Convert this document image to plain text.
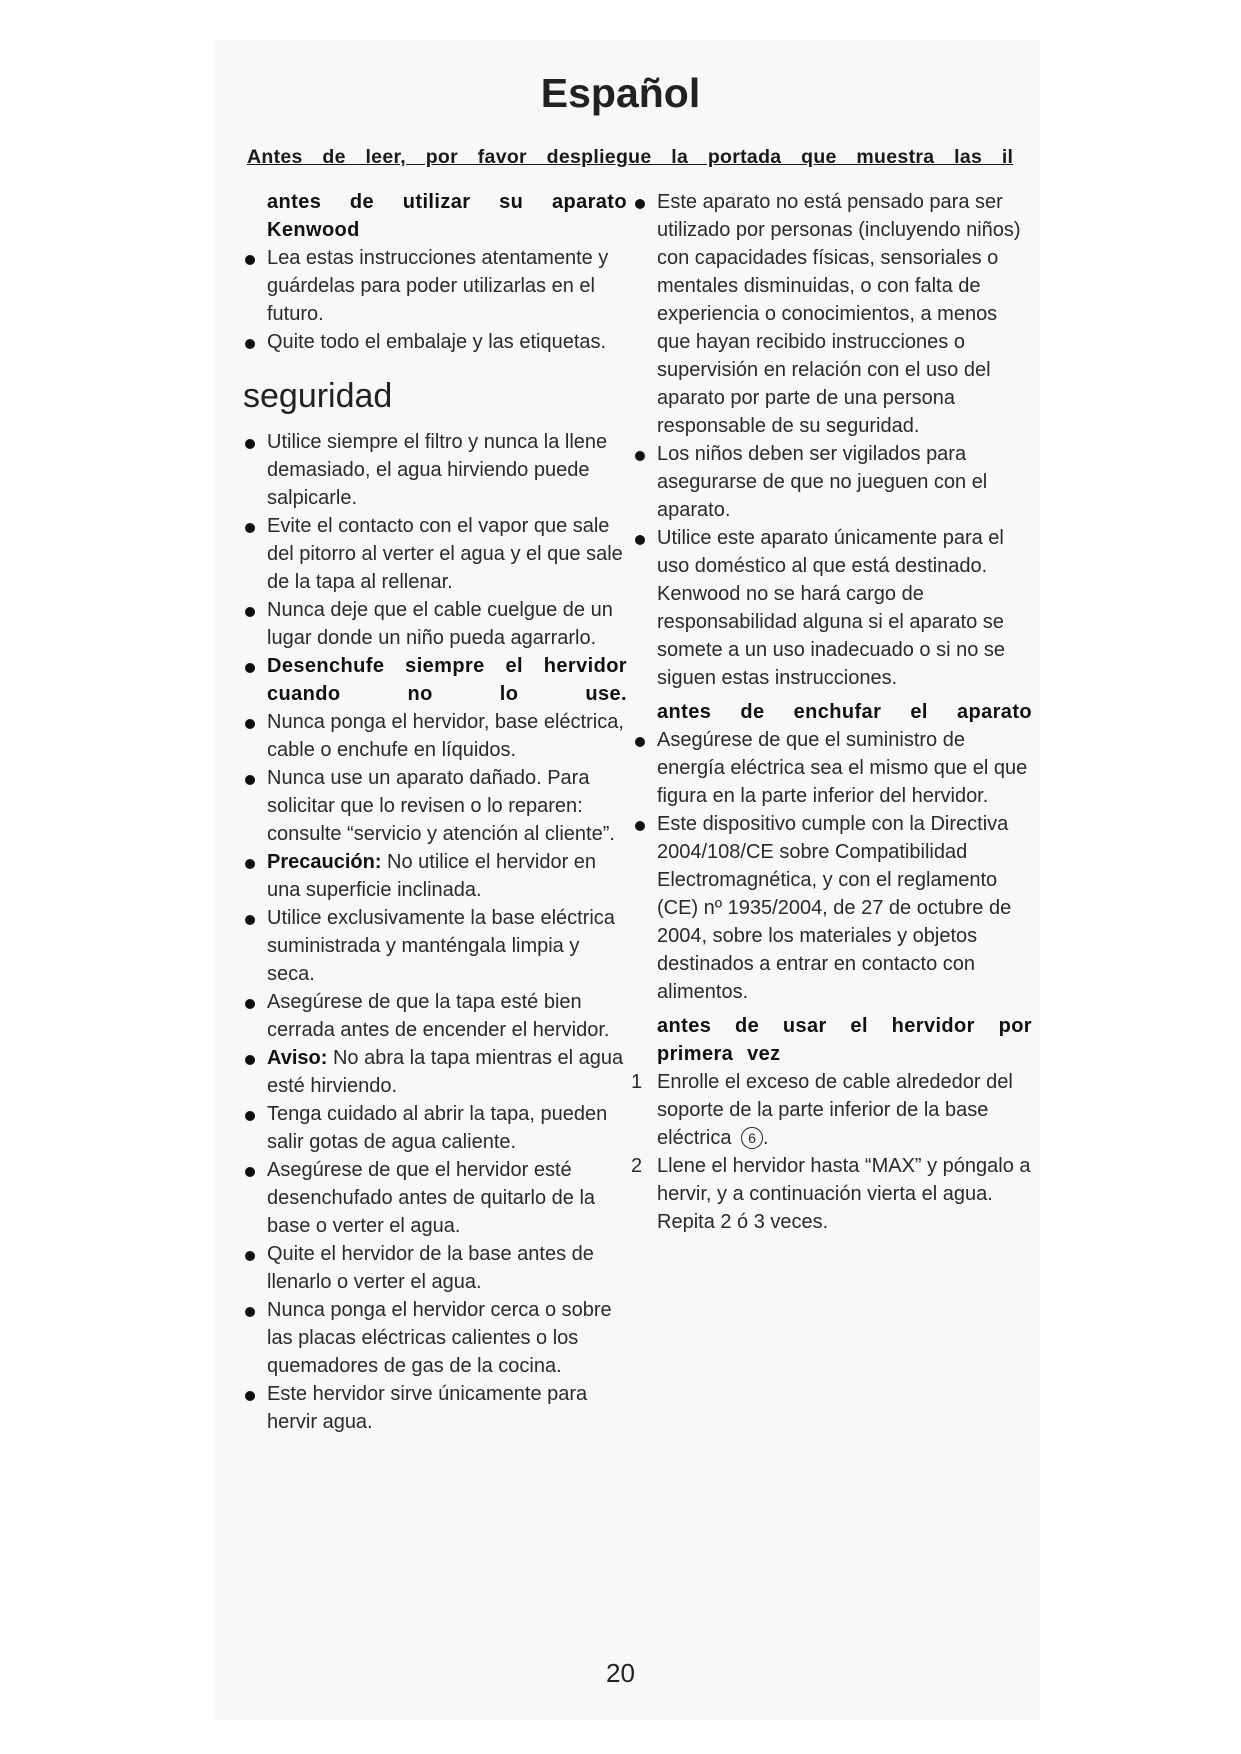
Español
Antes de leer, por favor despliegue la portada que muestra las il

antes de utilizar su aparato Kenwood

Lea estas instrucciones atentamente y guárdelas para poder utilizarlas en el futuro.

Quite todo el embalaje y las etiquetas.

seguridad

Utilice siempre el filtro y nunca la llene demasiado, el agua hirviendo puede salpicarle.

Evite el contacto con el vapor que sale del pitorro al verter el agua y el que sale de la tapa al rellenar.

Nunca deje que el cable cuelgue de un lugar donde un niño pueda agarrarlo.

Desenchufe siempre el hervidor cuando no lo use.

Nunca ponga el hervidor, base eléctrica, cable o enchufe en líquidos.

Nunca use un aparato dañado. Para solicitar que lo revisen o lo reparen: consulte “servicio y atención al cliente”.

Precaución: No utilice el hervidor en una superficie inclinada.

Utilice exclusivamente la base eléctrica suministrada y manténgala limpia y seca.

Asegúrese de que la tapa esté bien cerrada antes de encender el hervidor.

Aviso: No abra la tapa mientras el agua esté hirviendo.

Tenga cuidado al abrir la tapa, pueden salir gotas de agua caliente.

Asegúrese de que el hervidor esté desenchufado antes de quitarlo de la base o verter el agua.

Quite el hervidor de la base antes de llenarlo o verter el agua.

Nunca ponga el hervidor cerca o sobre las placas eléctricas calientes o los quemadores de gas de la cocina.

Este hervidor sirve únicamente para hervir agua.

Este aparato no está pensado para ser utilizado por personas (incluyendo niños) con capacidades físicas, sensoriales o mentales disminuidas, o con falta de experiencia o conocimientos, a menos que hayan recibido instrucciones o supervisión en relación con el uso del aparato por parte de una persona responsable de su seguridad.

Los niños deben ser vigilados para asegurarse de que no jueguen con el aparato.

Utilice este aparato únicamente para el uso doméstico al que está destinado. Kenwood no se hará cargo de responsabilidad alguna si el aparato se somete a un uso inadecuado o si no se siguen estas instrucciones.

antes de enchufar el aparato

Asegúrese de que el suministro de energía eléctrica sea el mismo que el que figura en la parte inferior del hervidor.

Este dispositivo cumple con la Directiva 2004/108/CE sobre Compatibilidad Electromagnética, y con el reglamento (CE) nº 1935/2004, de 27 de octubre de 2004, sobre los materiales y objetos destinados a entrar en contacto con alimentos.

antes de usar el hervidor por

primera vez

1 Enrolle el exceso de cable alrededor del soporte de la parte inferior de la base eléctrica 6 .

2 Llene el hervidor hasta “MAX” y póngalo a hervir, y a continuación vierta el agua. Repita 2 ó 3 veces.

20
